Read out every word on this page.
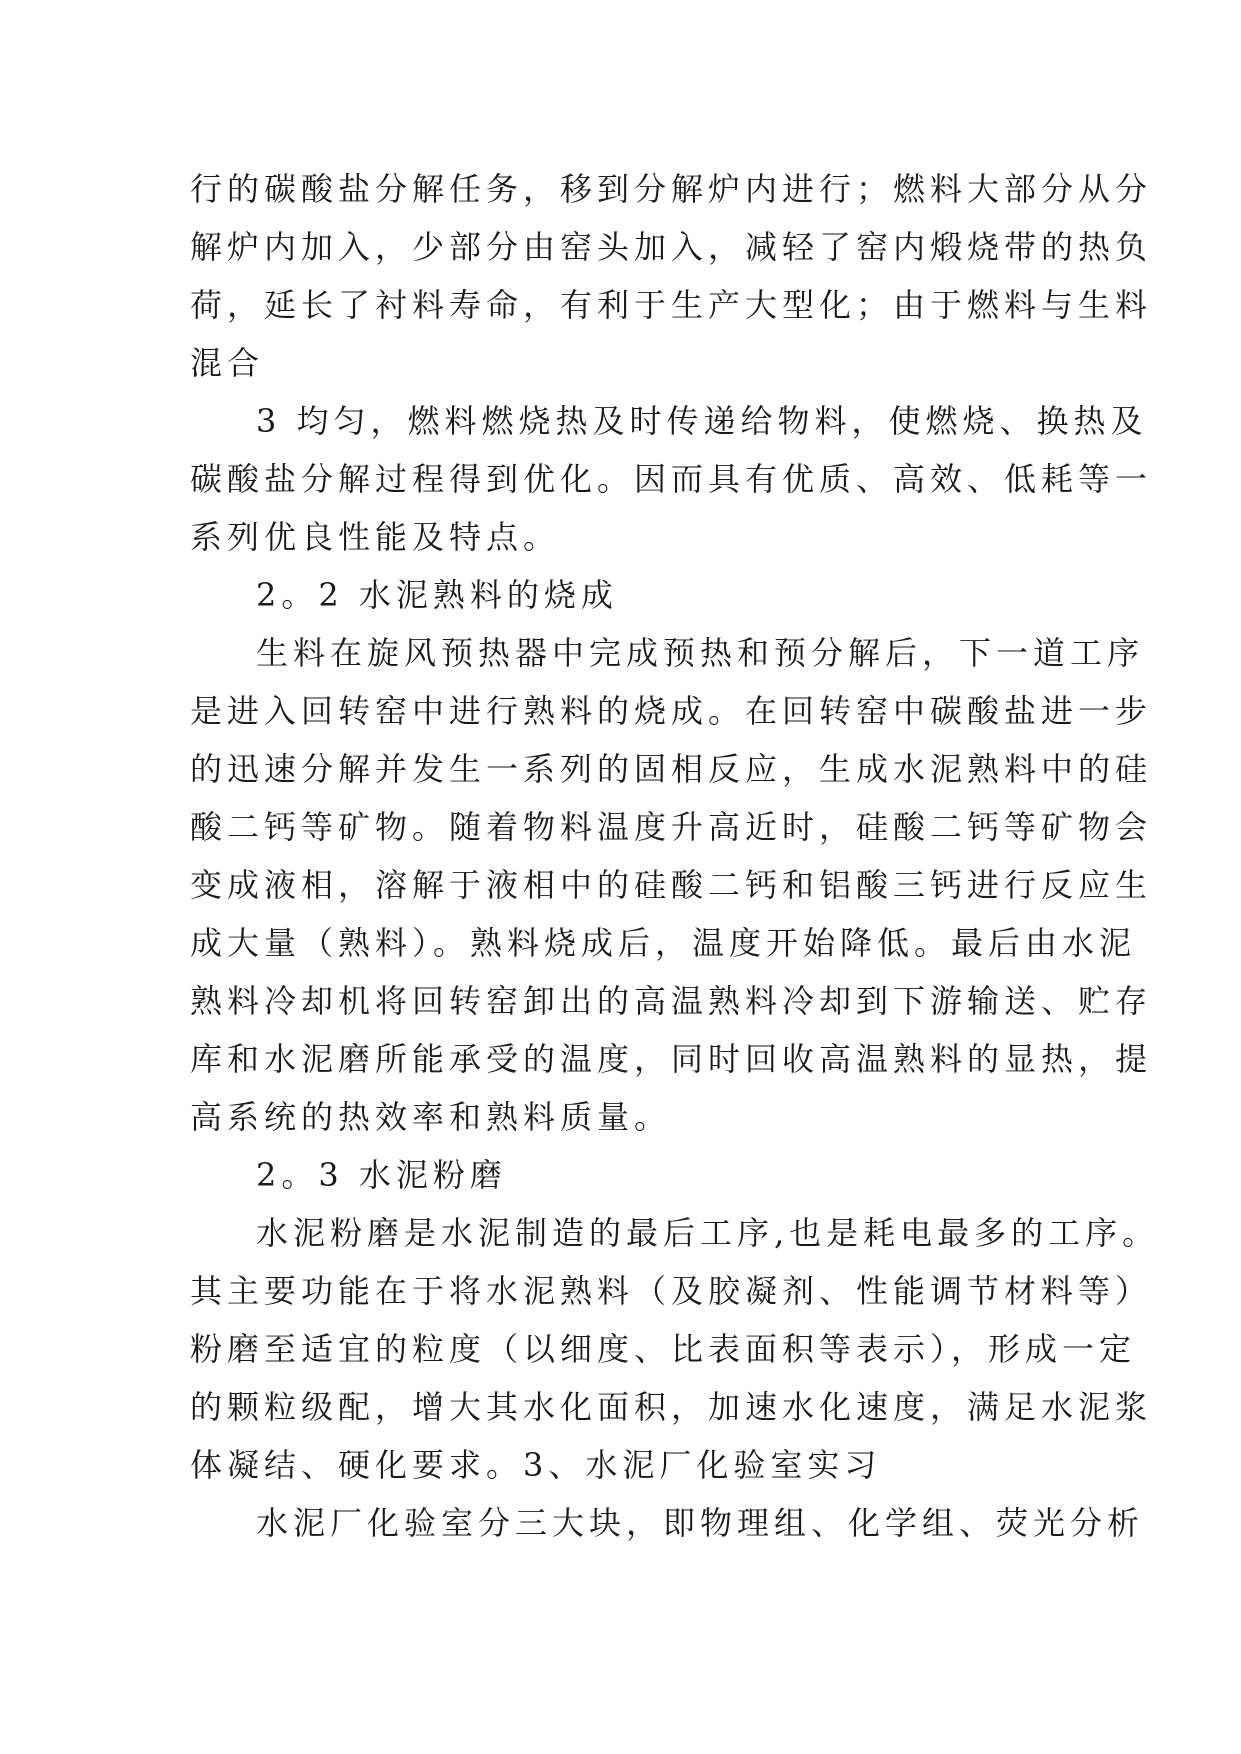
行的碳酸盐分解任务，移到分解炉内进行；燃料大部分从分
解炉内加入，少部分由窑头加入，减轻了窑内煅烧带的热负
荷，延长了衬料寿命，有利于生产大型化；由于燃料与生料
混合
3 均匀，燃料燃烧热及时传递给物料，使燃烧、换热及
碳酸盐分解过程得到优化。因而具有优质、高效、低耗等一
系列优良性能及特点。
2。2 水泥熟料的烧成
生料在旋风预热器中完成预热和预分解后，下一道工序
是进入回转窑中进行熟料的烧成。在回转窑中碳酸盐进一步
的迅速分解并发生一系列的固相反应，生成水泥熟料中的硅
酸二钙等矿物。随着物料温度升高近时，硅酸二钙等矿物会
变成液相，溶解于液相中的硅酸二钙和铝酸三钙进行反应生
成大量（熟料）。熟料烧成后，温度开始降低。最后由水泥
熟料冷却机将回转窑卸出的高温熟料冷却到下游输送、贮存
库和水泥磨所能承受的温度，同时回收高温熟料的显热，提
高系统的热效率和熟料质量。
2。3 水泥粉磨
水泥粉磨是水泥制造的最后工序,也是耗电最多的工序。
其主要功能在于将水泥熟料（及胶凝剂、性能调节材料等）
粉磨至适宜的粒度（以细度、比表面积等表示），形成一定
的颗粒级配，增大其水化面积，加速水化速度，满足水泥浆
体凝结、硬化要求。3、水泥厂化验室实习
水泥厂化验室分三大块，即物理组、化学组、荧光分析
